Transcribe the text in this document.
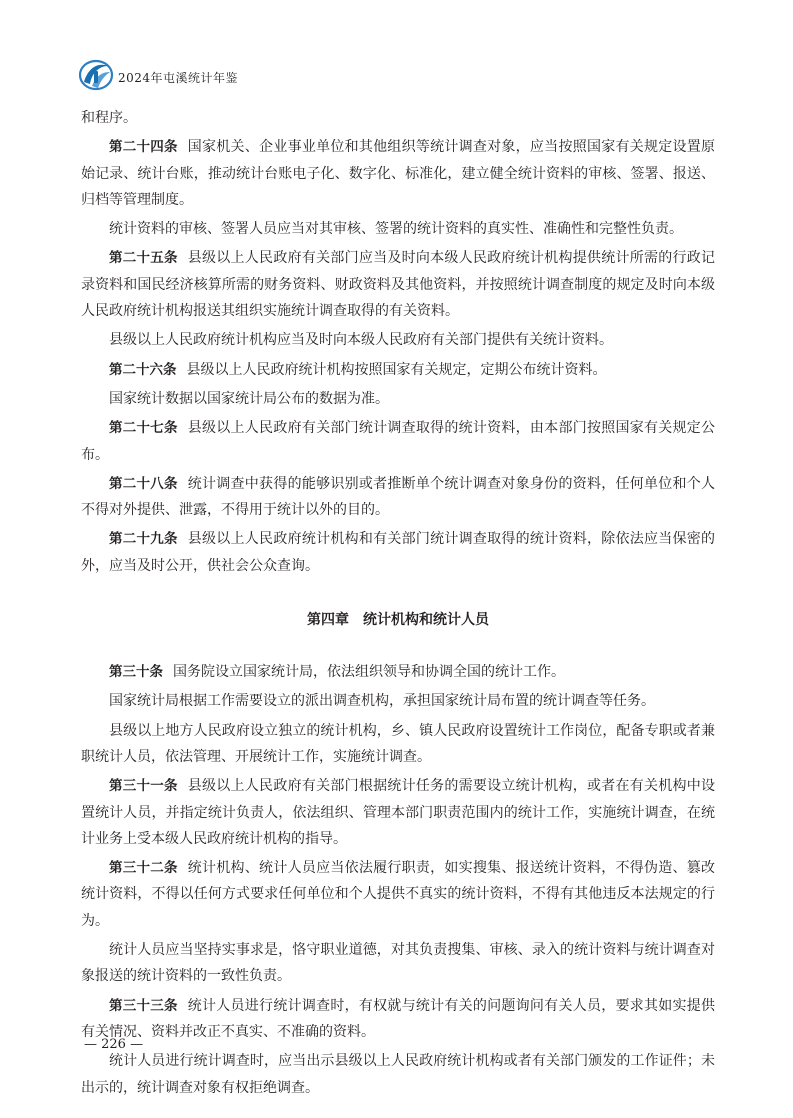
2024年屯溪统计年鉴

和程序。

第二十四条 国家机关、企业事业单位和其他组织等统计调查对象，应当按照国家有关规定设置原始记录、统计台账，推动统计台账电子化、数字化、标准化，建立健全统计资料的审核、签署、报送、归档等管理制度。

统计资料的审核、签署人员应当对其审核、签署的统计资料的真实性、准确性和完整性负责。

第二十五条 县级以上人民政府有关部门应当及时向本级人民政府统计机构提供统计所需的行政记录资料和国民经济核算所需的财务资料、财政资料及其他资料，并按照统计调查制度的规定及时向本级人民政府统计机构报送其组织实施统计调查取得的有关资料。

县级以上人民政府统计机构应当及时向本级人民政府有关部门提供有关统计资料。

第二十六条 县级以上人民政府统计机构按照国家有关规定，定期公布统计资料。

国家统计数据以国家统计局公布的数据为准。

第二十七条 县级以上人民政府有关部门统计调查取得的统计资料，由本部门按照国家有关规定公布。

第二十八条 统计调查中获得的能够识别或者推断单个统计调查对象身份的资料，任何单位和个人不得对外提供、泄露，不得用于统计以外的目的。

第二十九条 县级以上人民政府统计机构和有关部门统计调查取得的统计资料，除依法应当保密的外，应当及时公开，供社会公众查询。

第四章 统计机构和统计人员

第三十条 国务院设立国家统计局，依法组织领导和协调全国的统计工作。

国家统计局根据工作需要设立的派出调查机构，承担国家统计局布置的统计调查等任务。

县级以上地方人民政府设立独立的统计机构，乡、镇人民政府设置统计工作岗位，配备专职或者兼职统计人员，依法管理、开展统计工作，实施统计调查。

第三十一条 县级以上人民政府有关部门根据统计任务的需要设立统计机构，或者在有关机构中设置统计人员，并指定统计负责人，依法组织、管理本部门职责范围内的统计工作，实施统计调查，在统计业务上受本级人民政府统计机构的指导。

第三十二条 统计机构、统计人员应当依法履行职责，如实搜集、报送统计资料，不得伪造、篡改统计资料，不得以任何方式要求任何单位和个人提供不真实的统计资料，不得有其他违反本法规定的行为。

统计人员应当坚持实事求是，恪守职业道德，对其负责搜集、审核、录入的统计资料与统计调查对象报送的统计资料的一致性负责。

第三十三条 统计人员进行统计调查时，有权就与统计有关的问题询问有关人员，要求其如实提供有关情况、资料并改正不真实、不准确的资料。

统计人员进行统计调查时，应当出示县级以上人民政府统计机构或者有关部门颁发的工作证件；未出示的，统计调查对象有权拒绝调查。

— 226 —
